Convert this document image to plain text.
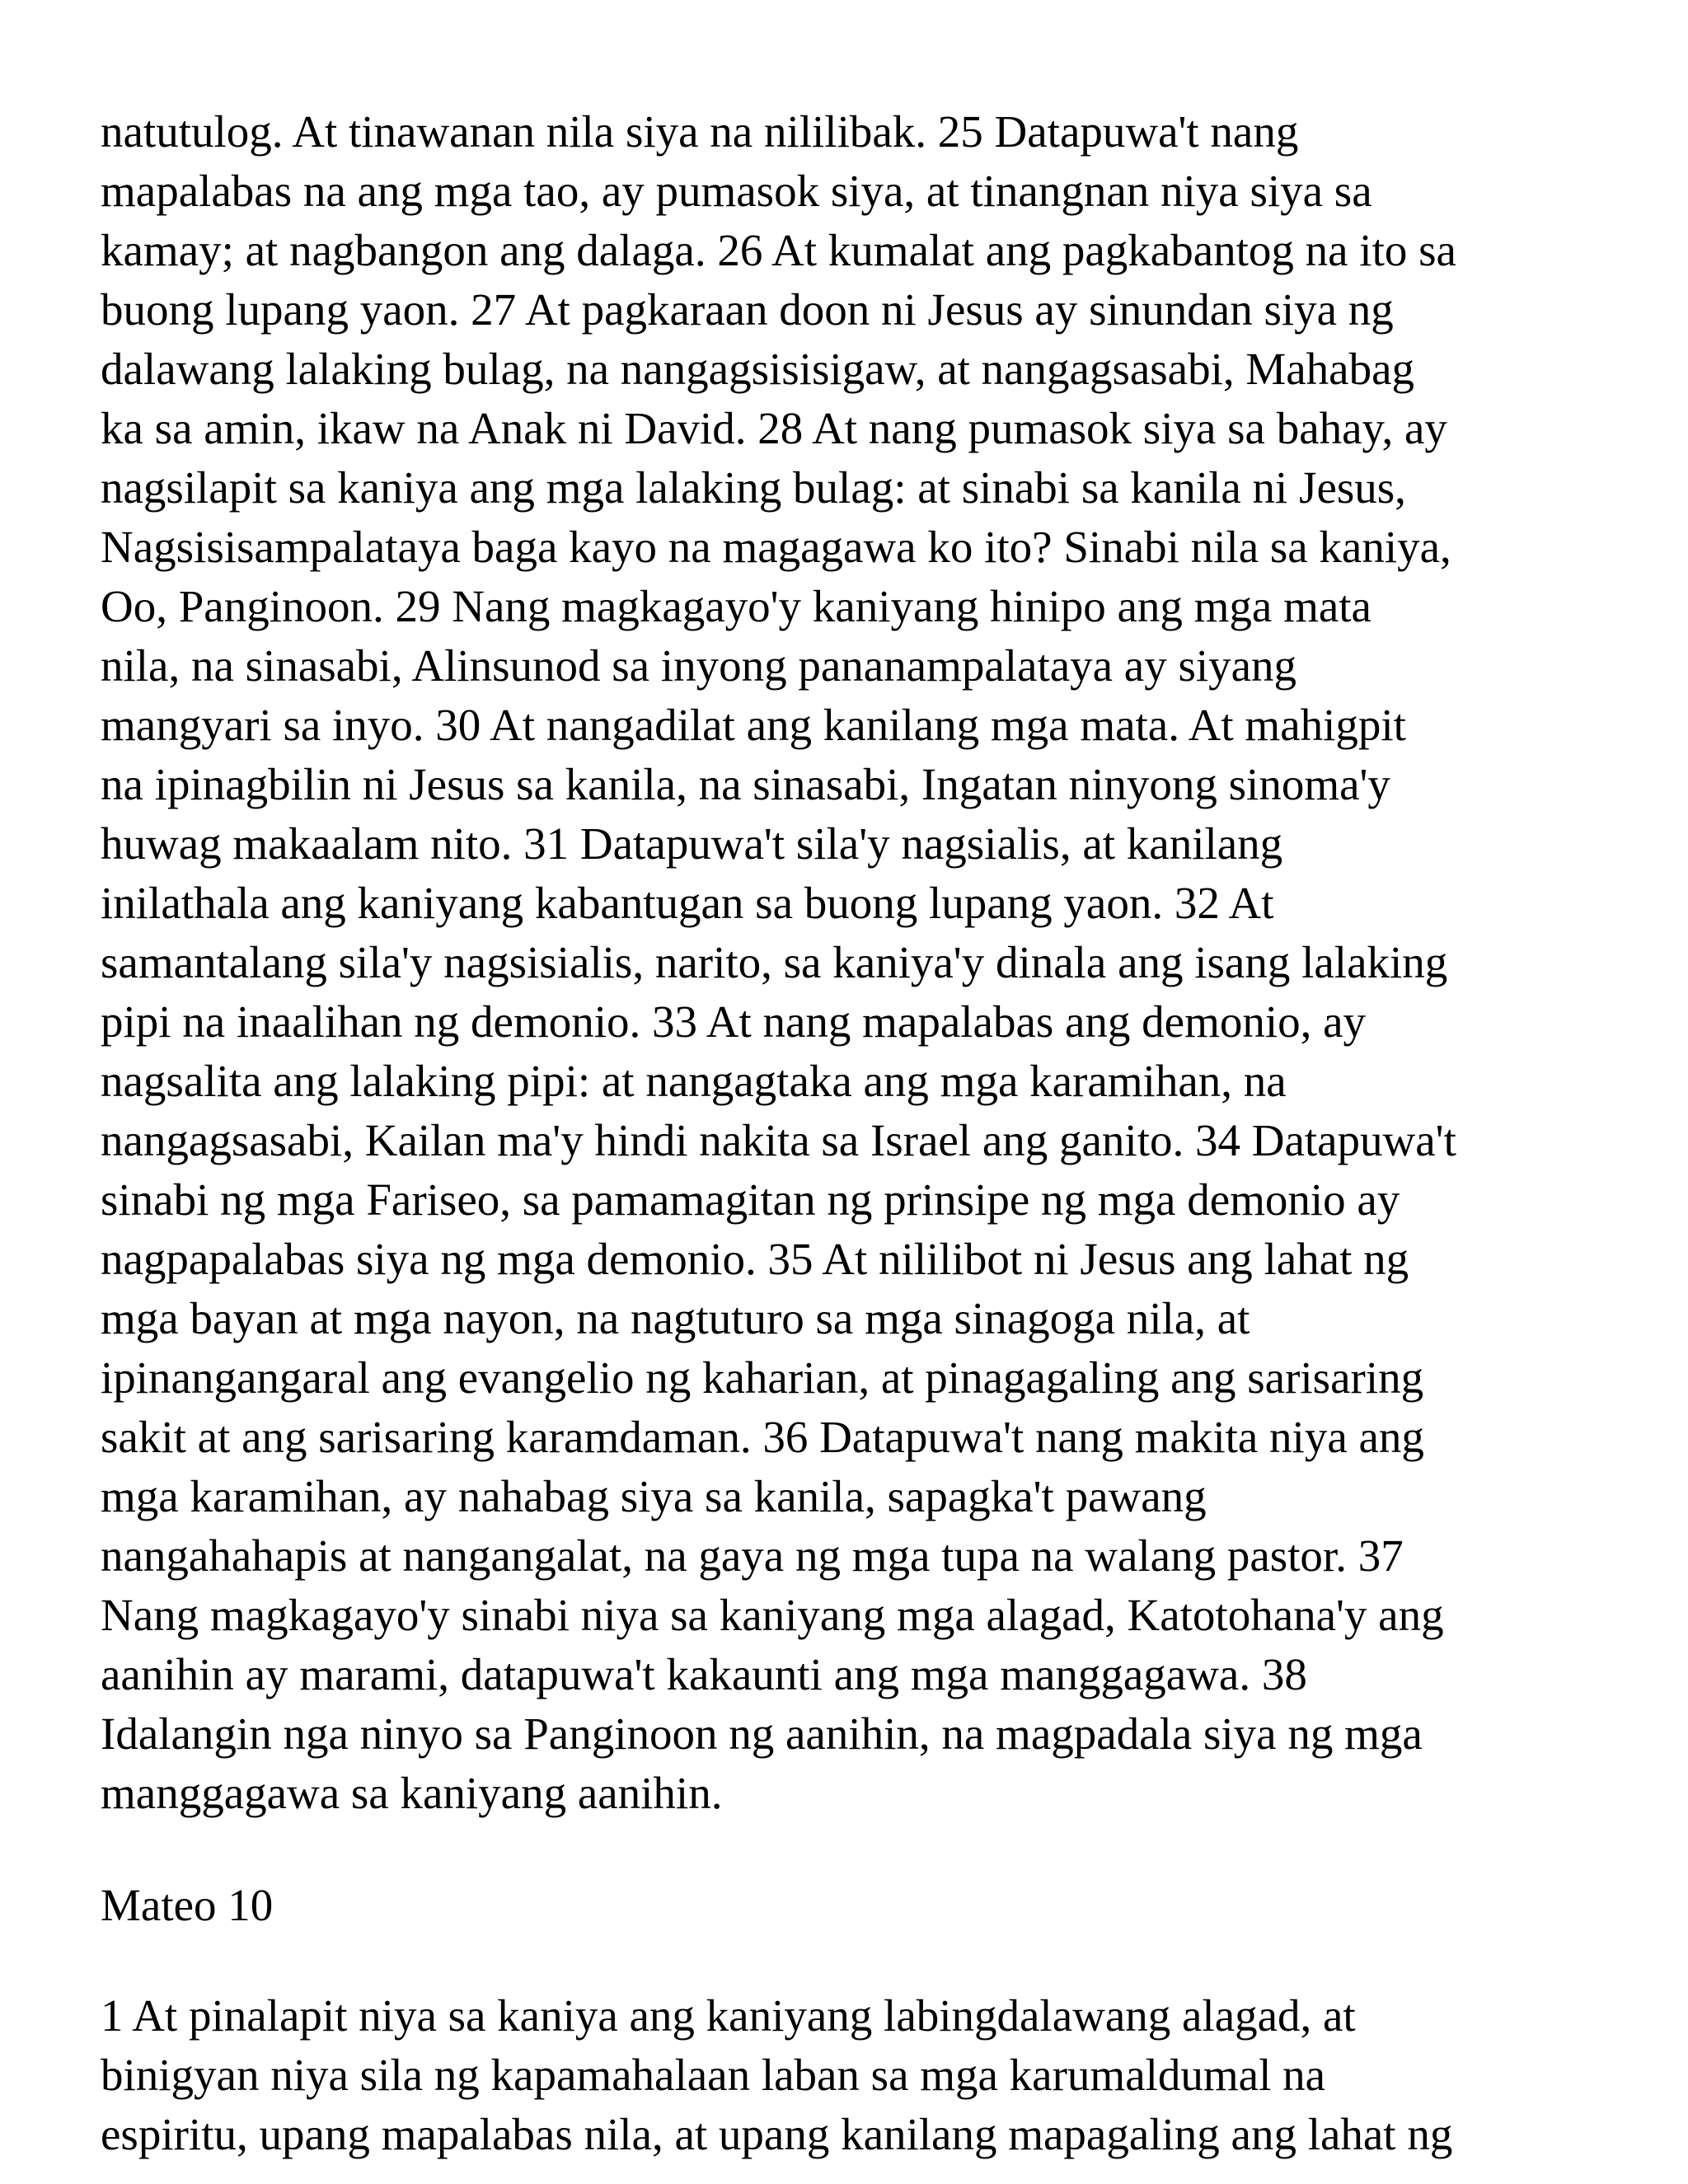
natutulog. At tinawanan nila siya na nililibak. 25 Datapuwa't nang
mapalabas na ang mga tao, ay pumasok siya, at tinangnan niya siya sa
kamay; at nagbangon ang dalaga. 26 At kumalat ang pagkabantog na ito sa
buong lupang yaon. 27 At pagkaraan doon ni Jesus ay sinundan siya ng
dalawang lalaking bulag, na nangagsisisigaw, at nangagsasabi, Mahabag
ka sa amin, ikaw na Anak ni David. 28 At nang pumasok siya sa bahay, ay
nagsilapit sa kaniya ang mga lalaking bulag: at sinabi sa kanila ni Jesus,
Nagsisisampalataya baga kayo na magagawa ko ito? Sinabi nila sa kaniya,
Oo, Panginoon. 29 Nang magkagayo'y kaniyang hinipo ang mga mata
nila, na sinasabi, Alinsunod sa inyong pananampalataya ay siyang
mangyari sa inyo. 30 At nangadilat ang kanilang mga mata. At mahigpit
na ipinagbilin ni Jesus sa kanila, na sinasabi, Ingatan ninyong sinoma'y
huwag makaalam nito. 31 Datapuwa't sila'y nagsialis, at kanilang
inilathala ang kaniyang kabantugan sa buong lupang yaon. 32 At
samantalang sila'y nagsisialis, narito, sa kaniya'y dinala ang isang lalaking
pipi na inaalihan ng demonio. 33 At nang mapalabas ang demonio, ay
nagsalita ang lalaking pipi: at nangagtaka ang mga karamihan, na
nangagsasabi, Kailan ma'y hindi nakita sa Israel ang ganito. 34 Datapuwa't
sinabi ng mga Fariseo, sa pamamagitan ng prinsipe ng mga demonio ay
nagpapalabas siya ng mga demonio. 35 At nililibot ni Jesus ang lahat ng
mga bayan at mga nayon, na nagtuturo sa mga sinagoga nila, at
ipinangangaral ang evangelio ng kaharian, at pinagagaling ang sarisaring
sakit at ang sarisaring karamdaman. 36 Datapuwa't nang makita niya ang
mga karamihan, ay nahabag siya sa kanila, sapagka't pawang
nangahahapis at nangangalat, na gaya ng mga tupa na walang pastor. 37
Nang magkagayo'y sinabi niya sa kaniyang mga alagad, Katotohana'y ang
aanihin ay marami, datapuwa't kakaunti ang mga manggagawa. 38
Idalangin nga ninyo sa Panginoon ng aanihin, na magpadala siya ng mga
manggagawa sa kaniyang aanihin.
Mateo 10
1 At pinalapit niya sa kaniya ang kaniyang labingdalawang alagad, at
binigyan niya sila ng kapamahalaan laban sa mga karumaldumal na
espiritu, upang mapalabas nila, at upang kanilang mapagaling ang lahat ng
